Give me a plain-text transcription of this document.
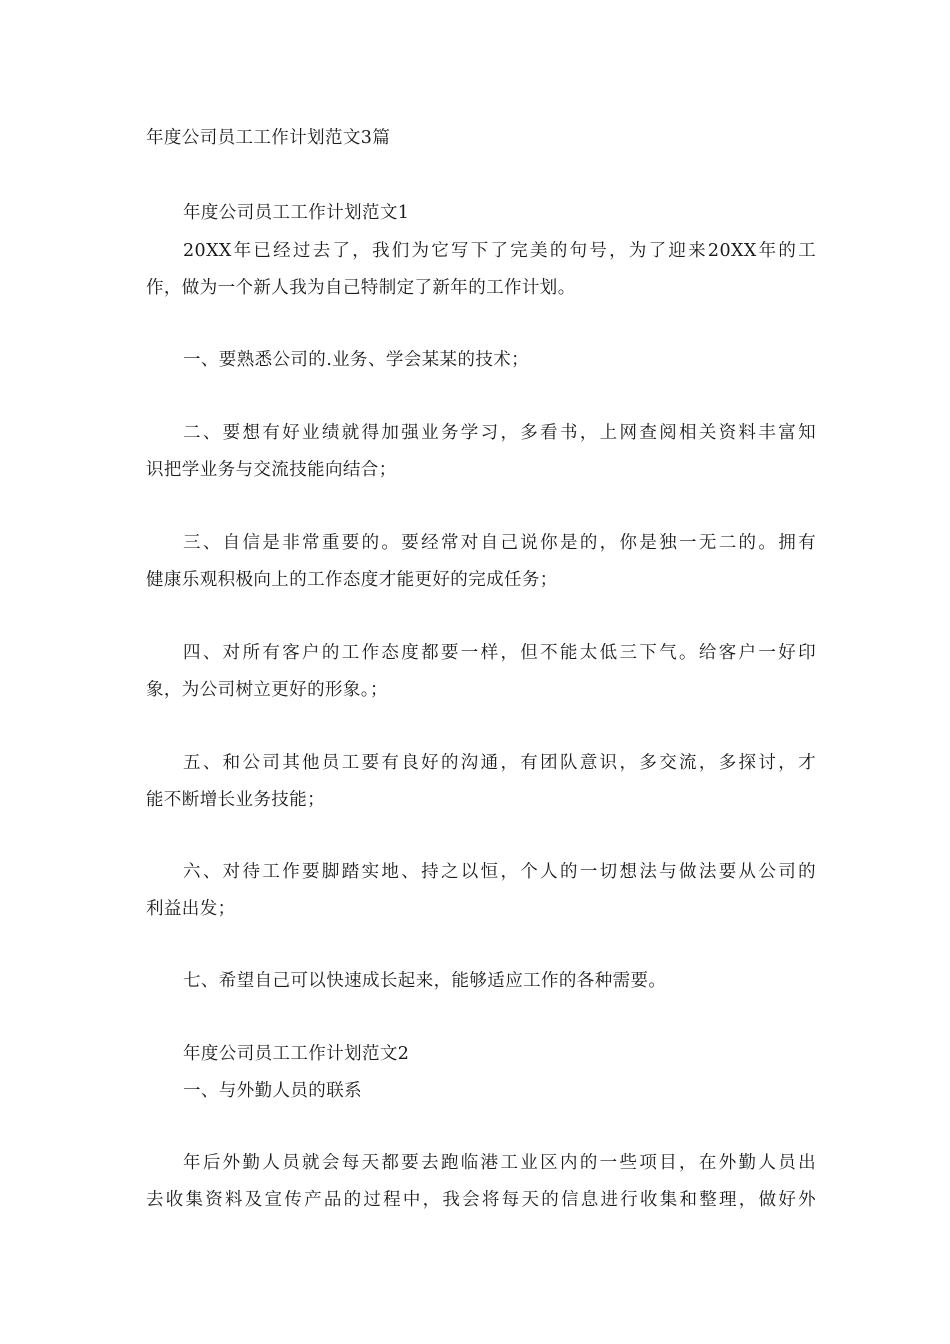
年度公司员工工作计划范文3篇
年度公司员工工作计划范文1
20XX年已经过去了，我们为它写下了完美的句号，为了迎来20XX年的工
作，做为一个新人我为自己特制定了新年的工作计划。
一、要熟悉公司的.业务、学会某某的技术；
二、要想有好业绩就得加强业务学习，多看书，上网查阅相关资料丰富知
识把学业务与交流技能向结合；
三、自信是非常重要的。要经常对自己说你是的，你是独一无二的。拥有
健康乐观积极向上的工作态度才能更好的完成任务；
四、对所有客户的工作态度都要一样，但不能太低三下气。给客户一好印
象，为公司树立更好的形象。；
五、和公司其他员工要有良好的沟通，有团队意识，多交流，多探讨，才
能不断增长业务技能；
六、对待工作要脚踏实地、持之以恒，个人的一切想法与做法要从公司的
利益出发；
七、希望自己可以快速成长起来，能够适应工作的各种需要。
年度公司员工工作计划范文2
一、与外勤人员的联系
年后外勤人员就会每天都要去跑临港工业区内的一些项目，在外勤人员出
去收集资料及宣传产品的过程中，我会将每天的信息进行收集和整理，做好外
